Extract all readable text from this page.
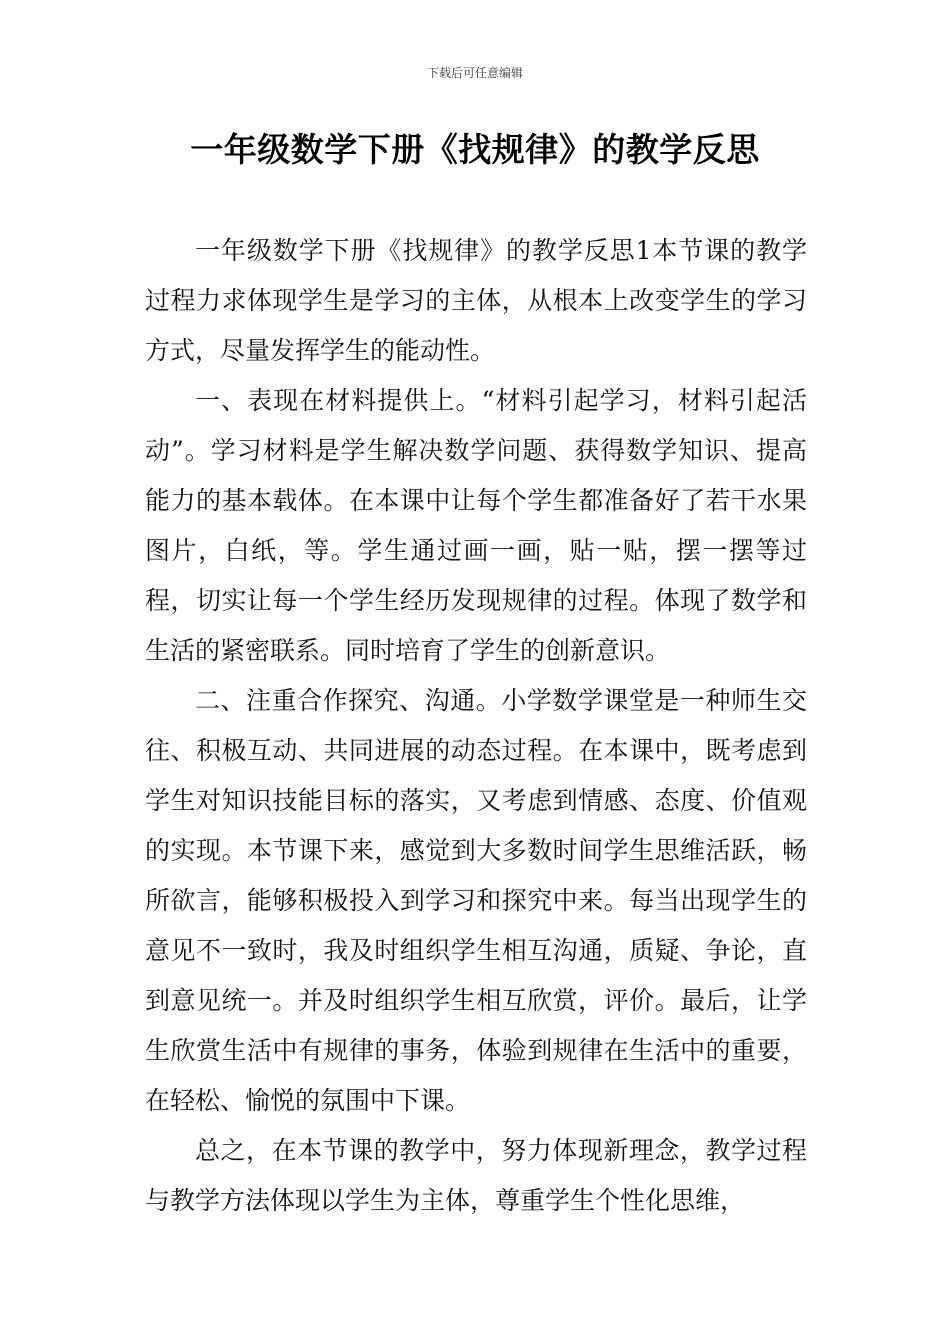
下载后可任意编辑
一年级数学下册《找规律》的教学反思

一年级数学下册《找规律》的教学反思1本节课的教学过程力求体现学生是学习的主体，从根本上改变学生的学习方式，尽量发挥学生的能动性。

一、表现在材料提供上。“材料引起学习，材料引起活动”。学习材料是学生解决数学问题、获得数学知识、提高能力的基本载体。在本课中让每个学生都准备好了若干水果图片，白纸，等。学生通过画一画，贴一贴，摆一摆等过程，切实让每一个学生经历发现规律的过程。体现了数学和生活的紧密联系。同时培育了学生的创新意识。

二、注重合作探究、沟通。小学数学课堂是一种师生交往、积极互动、共同进展的动态过程。在本课中，既考虑到学生对知识技能目标的落实，又考虑到情感、态度、价值观的实现。本节课下来，感觉到大多数时间学生思维活跃，畅所欲言，能够积极投入到学习和探究中来。每当出现学生的意见不一致时，我及时组织学生相互沟通，质疑、争论，直到意见统一。并及时组织学生相互欣赏，评价。最后，让学生欣赏生活中有规律的事务，体验到规律在生活中的重要，在轻松、愉悦的氛围中下课。

总之，在本节课的教学中，努力体现新理念，教学过程与教学方法体现以学生为主体，尊重学生个性化思维，
